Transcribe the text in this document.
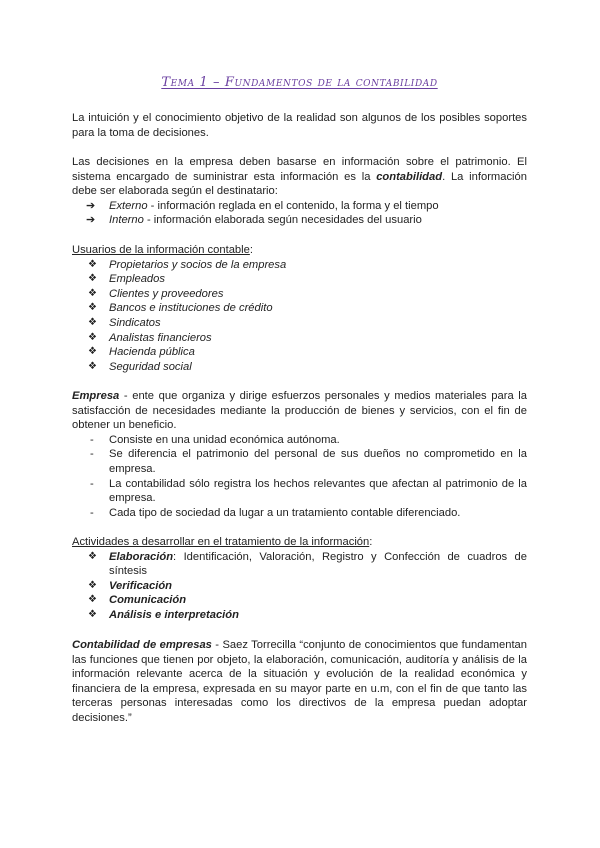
Tema 1 – Fundamentos de la contabilidad

La intuición y el conocimiento objetivo de la realidad son algunos de los posibles soportes para la toma de decisiones.

Las decisiones en la empresa deben basarse en información sobre el patrimonio. El sistema encargado de suministrar esta información es la contabilidad. La información debe ser elaborada según el destinatario:

➔ Externo - información reglada en el contenido, la forma y el tiempo
➔ Interno - información elaborada según necesidades del usuario

Usuarios de la información contable:

❖ Propietarios y socios de la empresa
❖ Empleados
❖ Clientes y proveedores
❖ Bancos e instituciones de crédito
❖ Sindicatos
❖ Analistas financieros
❖ Hacienda pública
❖ Seguridad social

Empresa - ente que organiza y dirige esfuerzos personales y medios materiales para la satisfacción de necesidades mediante la producción de bienes y servicios, con el fin de obtener un beneficio.

- Consiste en una unidad económica autónoma.
- Se diferencia el patrimonio del personal de sus dueños no comprometido en la empresa.
- La contabilidad sólo registra los hechos relevantes que afectan al patrimonio de la empresa.
- Cada tipo de sociedad da lugar a un tratamiento contable diferenciado.

Actividades a desarrollar en el tratamiento de la información:

❖ Elaboración: Identificación, Valoración, Registro y Confección de cuadros de síntesis
❖ Verificación
❖ Comunicación
❖ Análisis e interpretación

Contabilidad de empresas - Saez Torrecilla “conjunto de conocimientos que fundamentan las funciones que tienen por objeto, la elaboración, comunicación, auditoría y análisis de la información relevante acerca de la situación y evolución de la realidad económica y financiera de la empresa, expresada en su mayor parte en u.m, con el fin de que tanto las terceras personas interesadas como los directivos de la empresa puedan adoptar decisiones.”
